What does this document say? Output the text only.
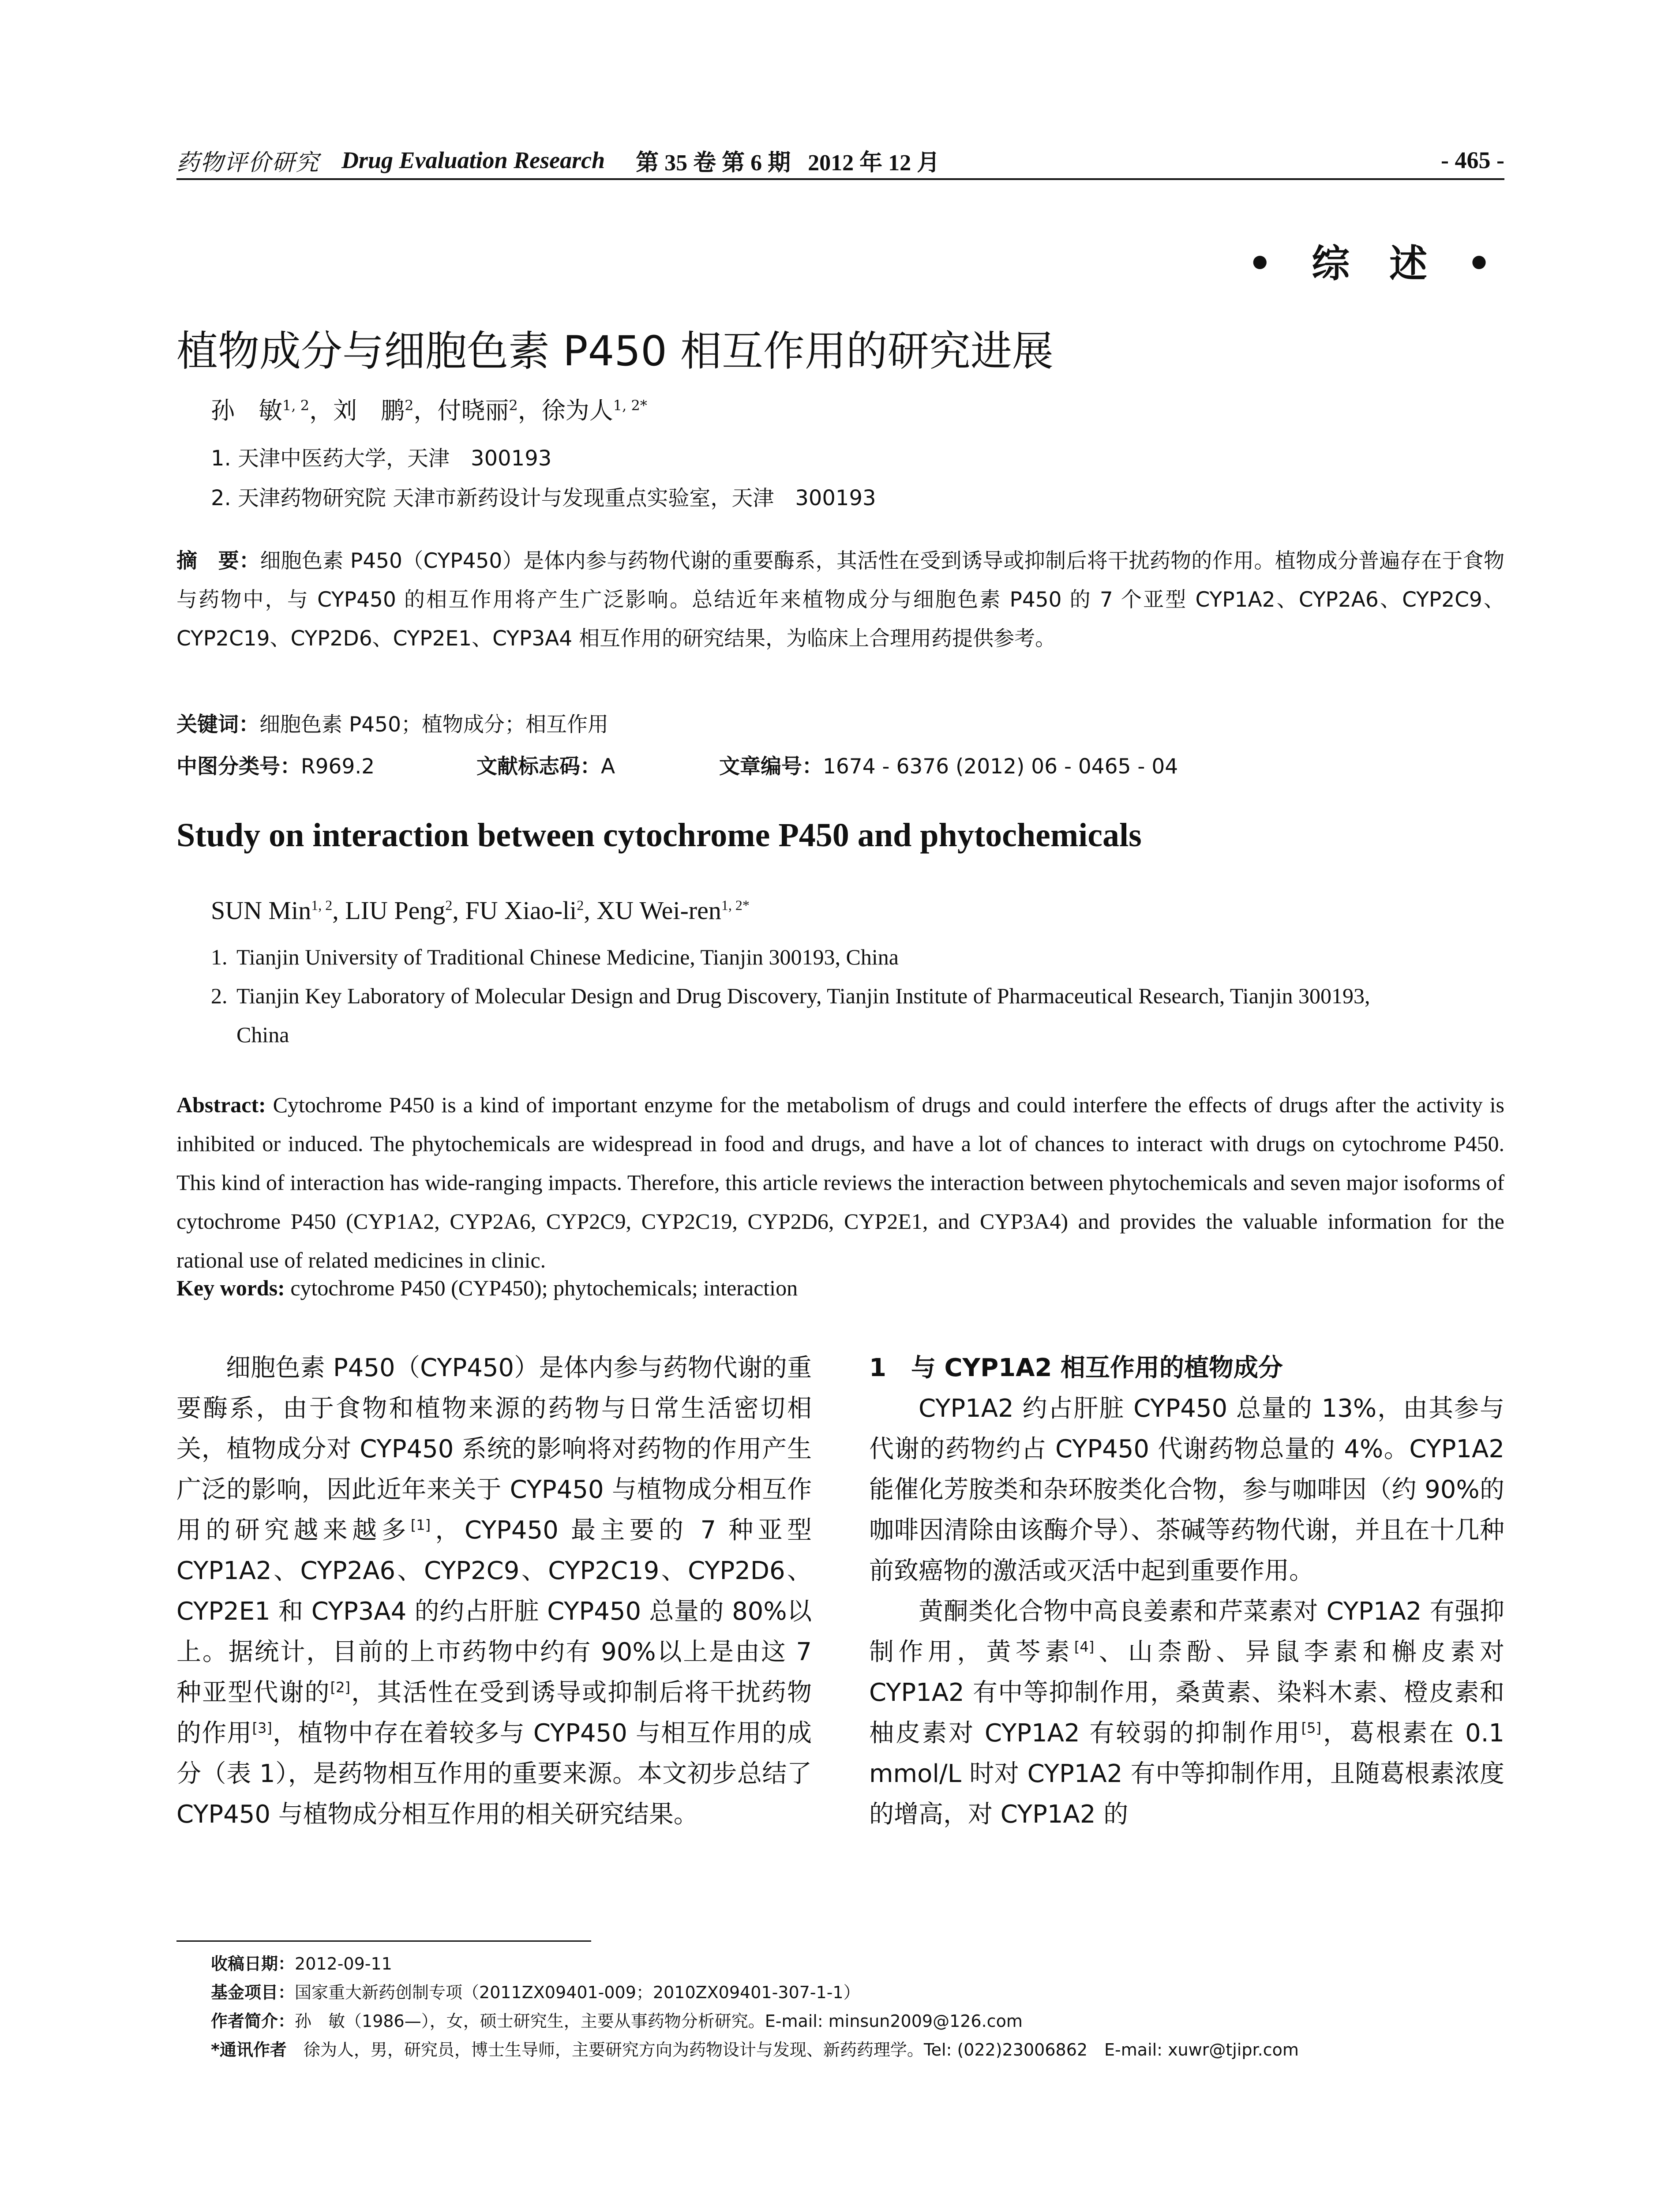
药物评价研究 Drug Evaluation Research 第 35 卷 第 6 期   2012 年 12 月	- 465 -
• 综 述 •
植物成分与细胞色素 P450 相互作用的研究进展
孙　敏$^{1, 2}$，刘　鹏$^2$，付晓丽$^2$，徐为人$^{1, 2*}$
1. 天津中医药大学，天津　300193
2. 天津药物研究院 天津市新药设计与发现重点实验室，天津　300193
摘　要：细胞色素 P450（CYP450）是体内参与药物代谢的重要酶系，其活性在受到诱导或抑制后将干扰药物的作用。植物成分普遍存在于食物与药物中，与 CYP450 的相互作用将产生广泛影响。总结近年来植物成分与细胞色素 P450 的 7 个亚型 CYP1A2、CYP2A6、CYP2C9、CYP2C19、CYP2D6、CYP2E1、CYP3A4 相互作用的研究结果，为临床上合理用药提供参考。
关键词：细胞色素 P450；植物成分；相互作用
中图分类号：R969.2	文献标志码：A	文章编号：1674 - 6376 (2012) 06 - 0465 - 04
Study on interaction between cytochrome P450 and phytochemicals
SUN Min$^{1, 2}$, LIU Peng$^2$, FU Xiao-$li^2$, XU Wei-ren$^{1, 2*}$
1. Tianjin University of Traditional Chinese Medicine, Tianjin 300193, China
2. Tianjin Key Laboratory of Molecular Design and Drug Discovery, Tianjin Institute of Pharmaceutical Research, Tianjin 300193,
China
Abstract: Cytochrome P450 is a kind of important enzyme for the metabolism of drugs and could interfere the effects of drugs after the activity is inhibited or induced. The phytochemicals are widespread in food and drugs, and have a lot of chances to interact with drugs on cytochrome P450. This kind of interaction has wide-ranging impacts. Therefore, this article reviews the interaction between phytochemicals and seven major isoforms of cytochrome P450 (CYP1A2, CYP2A6, CYP2C9, CYP2C19, CYP2D6, CYP2E1, and CYP3A4) and provides the valuable information for the rational use of related medicines in clinic.
Key words: cytochrome P450 (CYP450); phytochemicals; interaction

细胞色素 P450（CYP450）是体内参与药物代谢的重要酶系，由于食物和植物来源的药物与日常生活密切相关，植物成分对 CYP450 系统的影响将对药物的作用产生广泛的影响，因此近年来关于 CYP450 与植物成分相互作用的研究越来越多[1]，CYP450 最主要的 7 种亚型 CYP1A2、CYP2A6、CYP2C9、CYP2C19、CYP2D6、CYP2E1 和 CYP3A4 的约占肝脏 CYP450 总量的 80%以上。据统计，目前的上市药物中约有 90%以上是由这 7 种亚型代谢的[2]，其活性在受到诱导或抑制后将干扰药物的作用[3]，植物中存在着较多与 CYP450 与相互作用的成分（表 1），是药物相互作用的重要来源。本文初步总结了 CYP450 与植物成分相互作用的相关研究结果。

1　与 CYP1A2 相互作用的植物成分

CYP1A2 约占肝脏 CYP450 总量的 13%，由其参与代谢的药物约占 CYP450 代谢药物总量的 4%。CYP1A2 能催化芳胺类和杂环胺类化合物，参与咖啡因（约 90%的咖啡因清除由该酶介导）、茶碱等药物代谢，并且在十几种前致癌物的激活或灭活中起到重要作用。

黄酮类化合物中高良姜素和芹菜素对 CYP1A2 有强抑制作用，黄芩素[4]、山柰酚、异鼠李素和槲皮素对 CYP1A2 有中等抑制作用，桑黄素、染料木素、橙皮素和柚皮素对 CYP1A2 有较弱的抑制作用[5]，葛根素在 0.1 mmol/L 时对 CYP1A2 有中等抑制作用，且随葛根素浓度的增高，对 CYP1A2 的

收稿日期：2012-09-11
基金项目：国家重大新药创制专项（2011ZX09401-009；2010ZX09401-307-1-1）
作者简介：孙　敏（1986—），女，硕士研究生，主要从事药物分析研究。E-mail: minsun2009@126.com
*通讯作者　徐为人，男，研究员，博士生导师，主要研究方向为药物设计与发现、新药药理学。Tel: (022)23006862　E-mail: xuwr@tjipr.com
